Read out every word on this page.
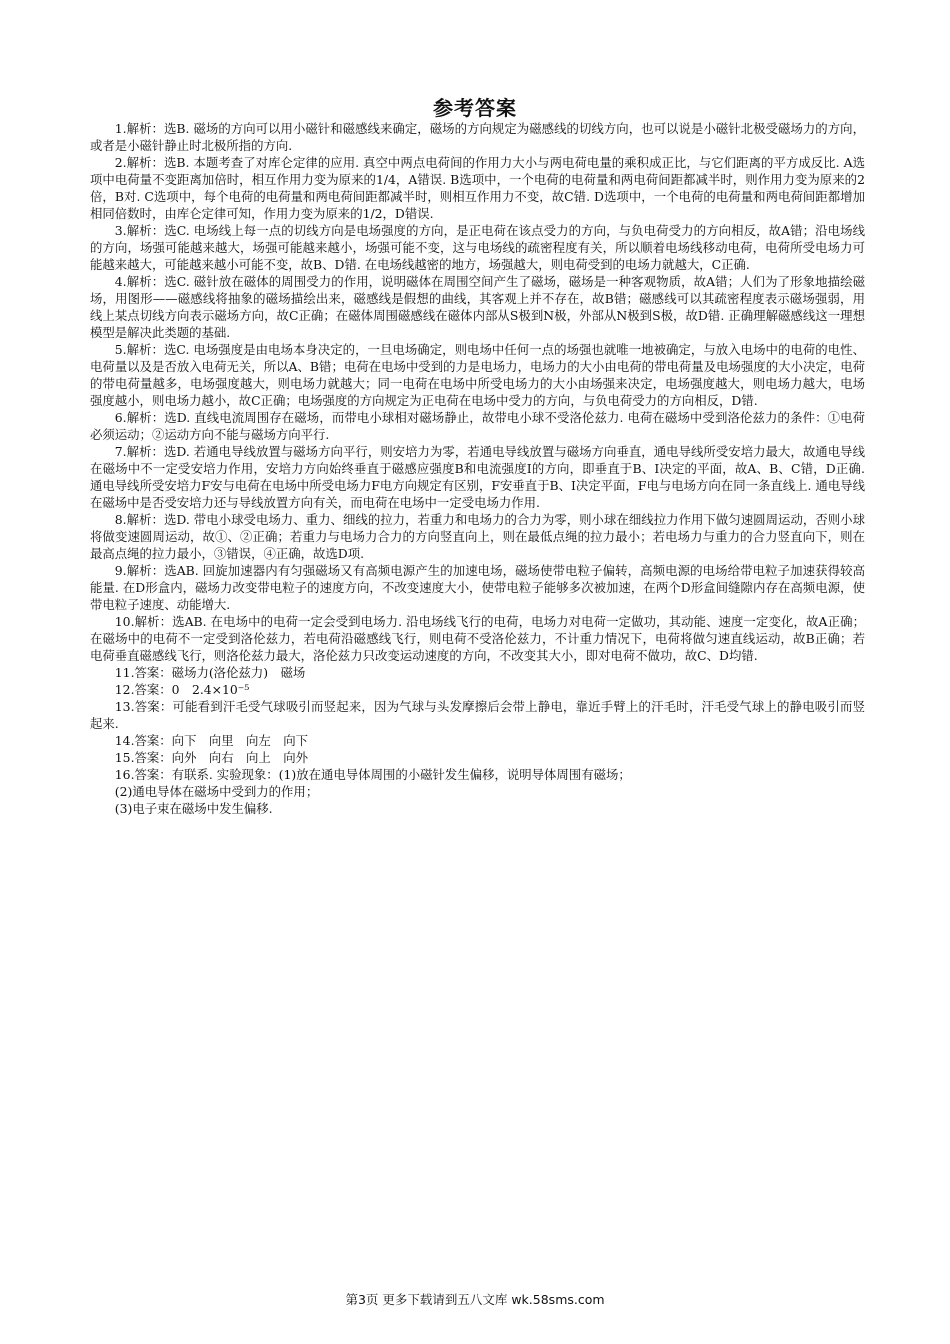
参考答案

1.解析：选B. 磁场的方向可以用小磁针和磁感线来确定，磁场的方向规定为磁感线的切线方向，也可以说是小磁针北极受磁场力的方向，或者是小磁针静止时北极所指的方向.

2.解析：选B. 本题考查了对库仑定律的应用. 真空中两点电荷间的作用力大小与两电荷电量的乘积成正比，与它们距离的平方成反比. A选项中电荷量不变距离加倍时，相互作用力变为原来的1/4，A错误. B选项中，一个电荷的电荷量和两电荷间距都减半时，则作用力变为原来的2倍，B对. C选项中，每个电荷的电荷量和两电荷间距都减半时，则相互作用力不变，故C错. D选项中，一个电荷的电荷量和两电荷间距都增加相同倍数时，由库仑定律可知，作用力变为原来的1/2，D错误.

3.解析：选C. 电场线上每一点的切线方向是电场强度的方向，是正电荷在该点受力的方向，与负电荷受力的方向相反，故A错；沿电场线的方向，场强可能越来越大，场强可能越来越小，场强可能不变，这与电场线的疏密程度有关，所以顺着电场线移动电荷，电荷所受电场力可能越来越大，可能越来越小可能不变，故B、D错. 在电场线越密的地方，场强越大，则电荷受到的电场力就越大，C正确.

4.解析：选C. 磁针放在磁体的周围受力的作用，说明磁体在周围空间产生了磁场，磁场是一种客观物质，故A错；人们为了形象地描绘磁场，用图形——磁感线将抽象的磁场描绘出来，磁感线是假想的曲线，其客观上并不存在，故B错；磁感线可以其疏密程度表示磁场强弱，用线上某点切线方向表示磁场方向，故C正确；在磁体周围磁感线在磁体内部从S极到N极，外部从N极到S极，故D错. 正确理解磁感线这一理想模型是解决此类题的基础.

5.解析：选C. 电场强度是由电场本身决定的，一旦电场确定，则电场中任何一点的场强也就唯一地被确定，与放入电场中的电荷的电性、电荷量以及是否放入电荷无关，所以A、B错；电荷在电场中受到的力是电场力，电场力的大小由电荷的带电荷量及电场强度的大小决定，电荷的带电荷量越多，电场强度越大，则电场力就越大；同一电荷在电场中所受电场力的大小由场强来决定，电场强度越大，则电场力越大，电场强度越小，则电场力越小，故C正确；电场强度的方向规定为正电荷在电场中受力的方向，与负电荷受力的方向相反，D错.

6.解析：选D. 直线电流周围存在磁场，而带电小球相对磁场静止，故带电小球不受洛伦兹力. 电荷在磁场中受到洛伦兹力的条件：①电荷必须运动；②运动方向不能与磁场方向平行.

7.解析：选D. 若通电导线放置与磁场方向平行，则安培力为零，若通电导线放置与磁场方向垂直，通电导线所受安培力最大，故通电导线在磁场中不一定受安培力作用，安培力方向始终垂直于磁感应强度B和电流强度I的方向，即垂直于B、I决定的平面，故A、B、C错，D正确. 通电导线所受安培力F安与电荷在电场中所受电场力F电方向规定有区别，F安垂直于B、I决定平面，F电与电场方向在同一条直线上. 通电导线在磁场中是否受安培力还与导线放置方向有关，而电荷在电场中一定受电场力作用.

8.解析：选D. 带电小球受电场力、重力、细线的拉力，若重力和电场力的合力为零，则小球在细线拉力作用下做匀速圆周运动，否则小球将做变速圆周运动，故①、②正确；若重力与电场力合力的方向竖直向上，则在最低点绳的拉力最小；若电场力与重力的合力竖直向下，则在最高点绳的拉力最小，③错误，④正确，故选D项.

9.解析：选AB. 回旋加速器内有匀强磁场又有高频电源产生的加速电场，磁场使带电粒子偏转，高频电源的电场给带电粒子加速获得较高能量. 在D形盒内，磁场力改变带电粒子的速度方向，不改变速度大小，使带电粒子能够多次被加速，在两个D形盒间缝隙内存在高频电源，使带电粒子速度、动能增大.

10.解析：选AB. 在电场中的电荷一定会受到电场力. 沿电场线飞行的电荷，电场力对电荷一定做功，其动能、速度一定变化，故A正确；在磁场中的电荷不一定受到洛伦兹力，若电荷沿磁感线飞行，则电荷不受洛伦兹力，不计重力情况下，电荷将做匀速直线运动，故B正确；若电荷垂直磁感线飞行，则洛伦兹力最大，洛伦兹力只改变运动速度的方向，不改变其大小，即对电荷不做功，故C、D均错.

11.答案：磁场力(洛伦兹力)　磁场

12.答案：0　2.4×10⁻⁵

13.答案：可能看到汗毛受气球吸引而竖起来，因为气球与头发摩擦后会带上静电，靠近手臂上的汗毛时，汗毛受气球上的静电吸引而竖起来.

14.答案：向下　向里　向左　向下

15.答案：向外　向右　向上　向外

16.答案：有联系. 实验现象：(1)放在通电导体周围的小磁针发生偏移，说明导体周围有磁场；

(2)通电导体在磁场中受到力的作用；

(3)电子束在磁场中发生偏移.

第3页 更多下载请到五八文库 wk.58sms.com
